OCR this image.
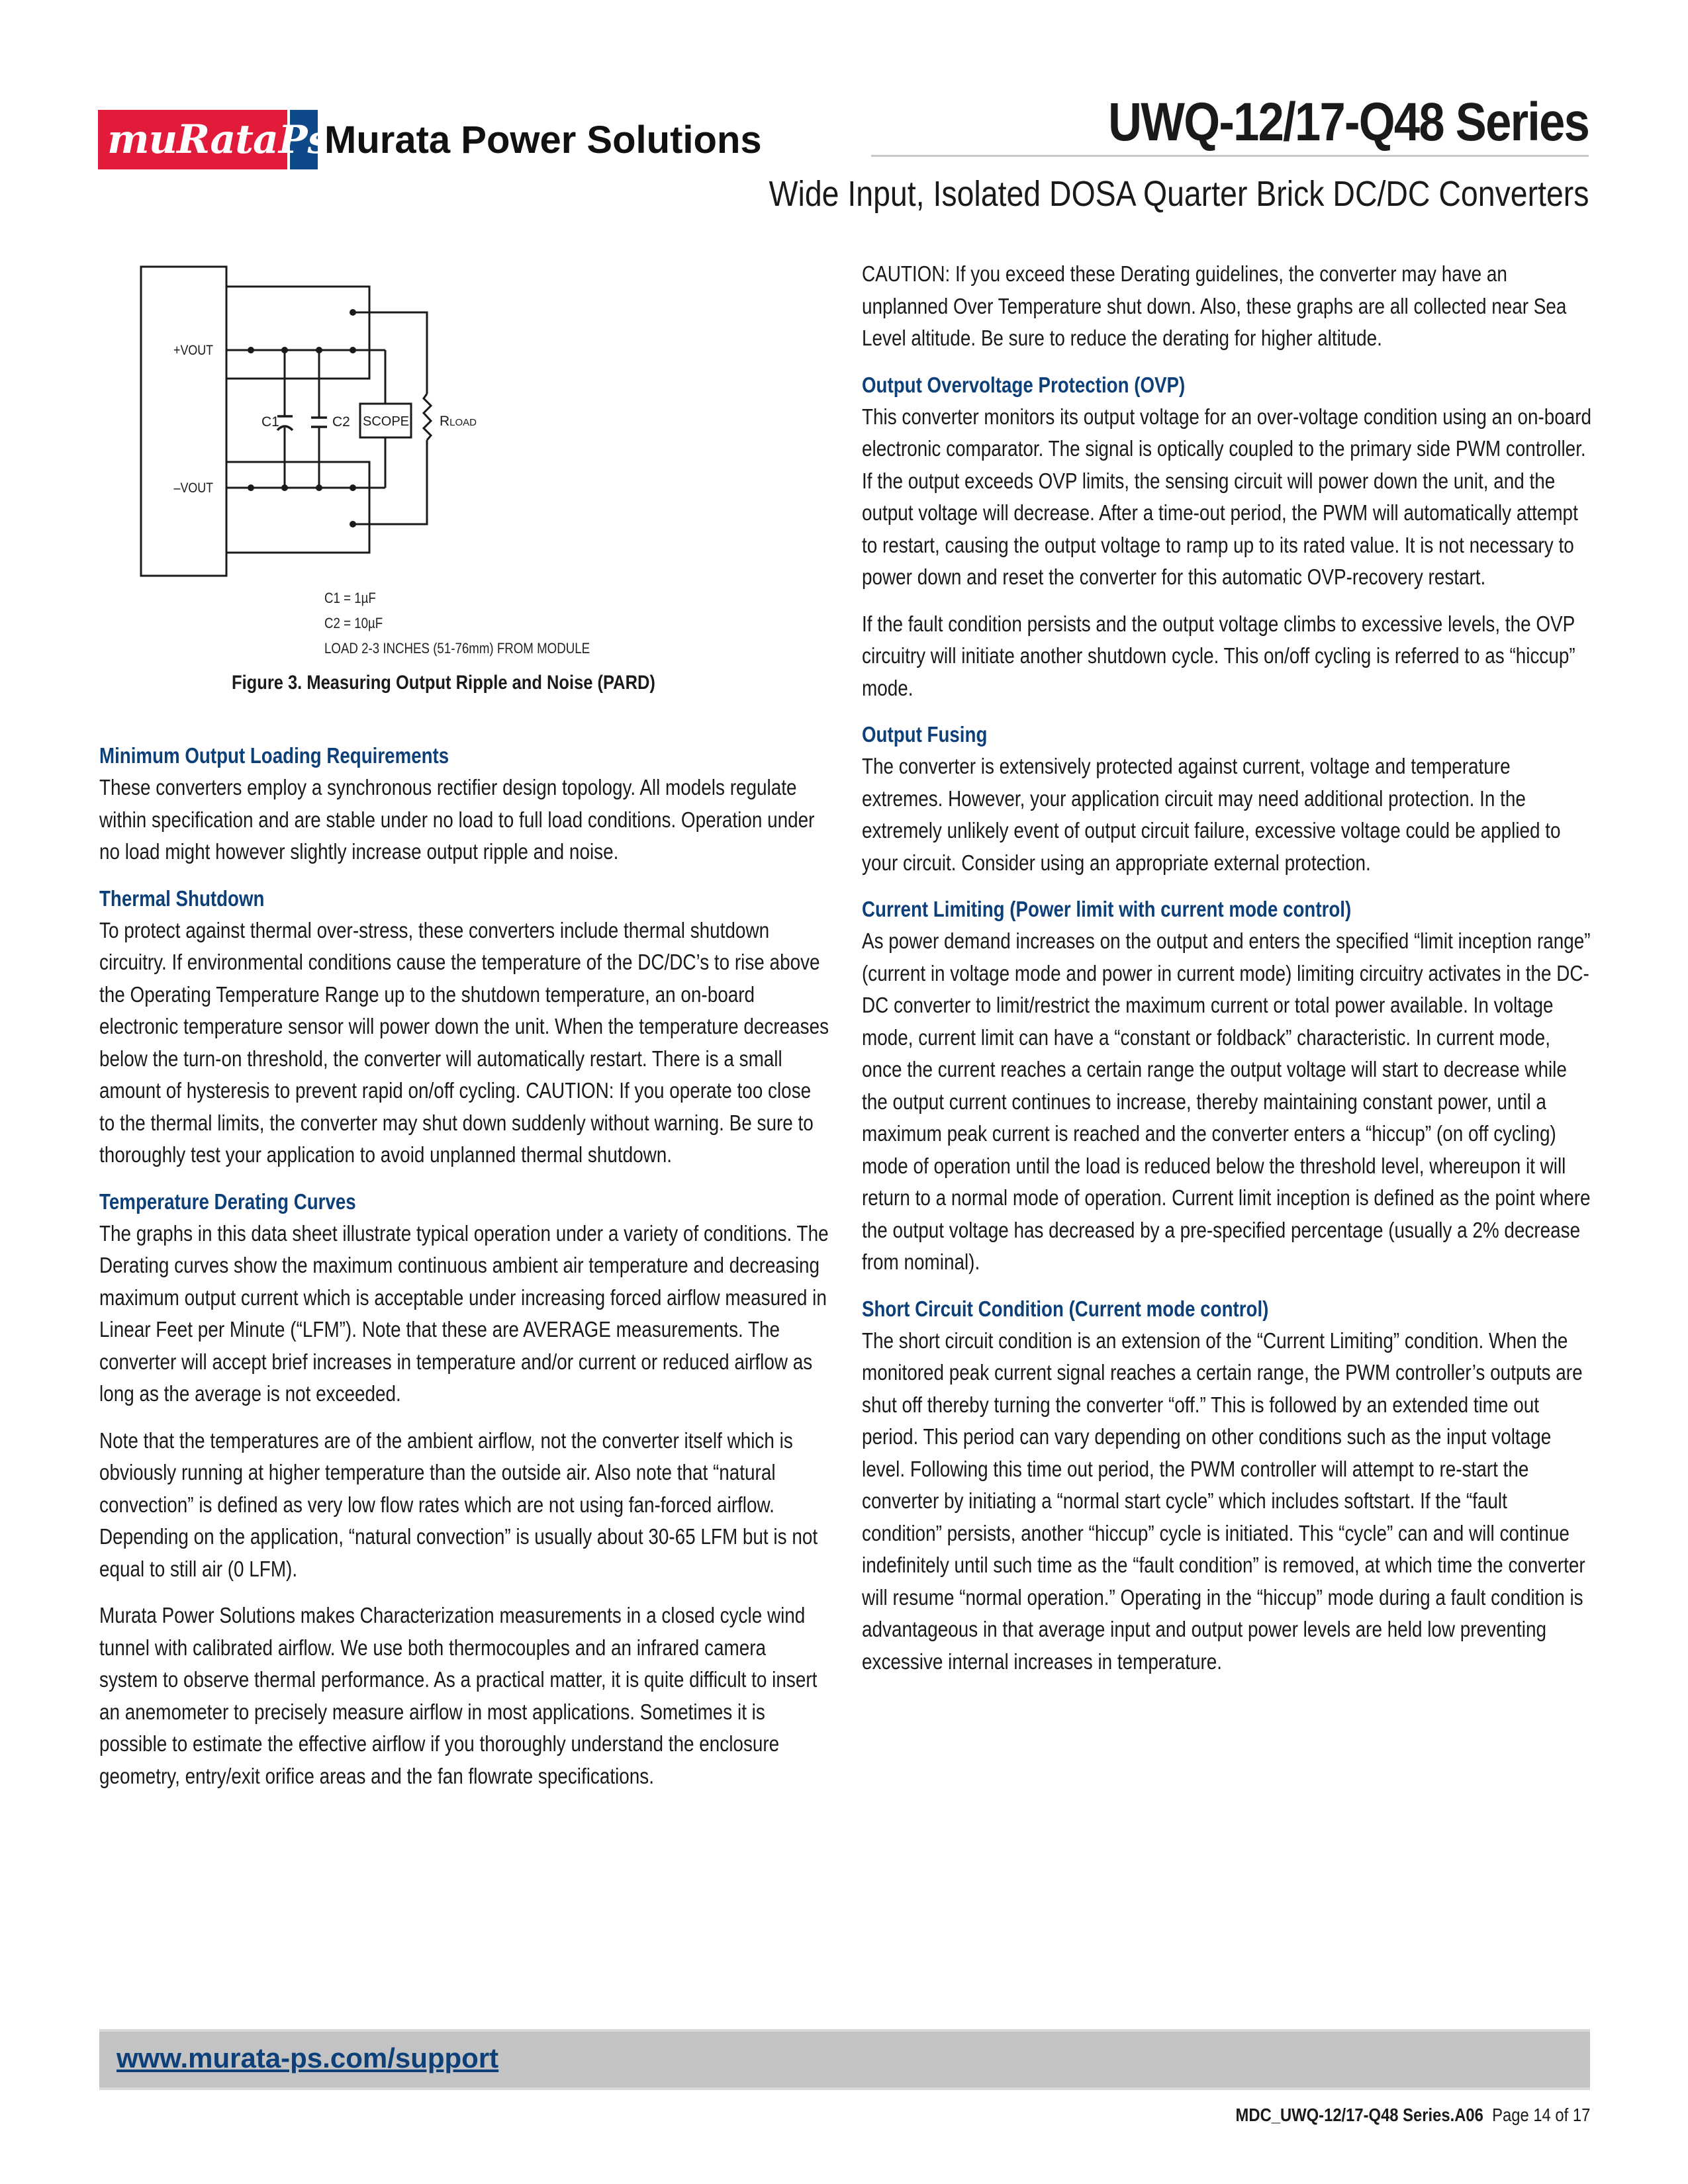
muRata Ps
Murata Power Solutions	UWQ-12/17-Q48 Series
Wide Input, Isolated DOSA Quarter Brick DC/DC Converters
+VOUT
–VOUT
C1	C2 SCOPE RLOAD
C1 = 1µF
C2 = 10µF
LOAD 2-3 INCHES (51-76mm) FROM MODULE
Figure 3. Measuring Output Ripple and Noise (PARD)
Minimum Output Loading Requirements

These converters employ a synchronous rectifier design topology. All models regulate within specification and are stable under no load to full load conditions. Operation under no load might however slightly increase output ripple and noise.

Thermal Shutdown

To protect against thermal over-stress, these converters include thermal shutdown circuitry. If environmental conditions cause the temperature of the DC/DC’s to rise above the Operating Temperature Range up to the shutdown temperature, an on-board electronic temperature sensor will power down the unit. When the temperature decreases below the turn-on threshold, the converter will automatically restart. There is a small amount of hysteresis to prevent rapid on/off cycling. CAUTION: If you operate too close to the thermal limits, the converter may shut down suddenly without warning. Be sure to thoroughly test your application to avoid unplanned thermal shutdown.

Temperature Derating Curves

The graphs in this data sheet illustrate typical operation under a variety of conditions. The Derating curves show the maximum continuous ambient air temperature and decreasing maximum output current which is acceptable under increasing forced airflow measured in Linear Feet per Minute (“LFM”). Note that these are AVERAGE measurements. The converter will accept brief increases in temperature and/or current or reduced airflow as long as the average is not exceeded.

Note that the temperatures are of the ambient airflow, not the converter itself which is obviously running at higher temperature than the outside air. Also note that “natural convection” is defined as very low flow rates which are not using fan-forced airflow. Depending on the application, “natural convection” is usually about 30-65 LFM but is not equal to still air (0 LFM).

Murata Power Solutions makes Characterization measurements in a closed cycle wind tunnel with calibrated airflow. We use both thermocouples and an infrared camera system to observe thermal performance. As a practical matter, it is quite difficult to insert an anemometer to precisely measure airflow in most applications. Sometimes it is possible to estimate the effective airflow if you thoroughly understand the enclosure geometry, entry/exit orifice areas and the fan flowrate specifications.

CAUTION: If you exceed these Derating guidelines, the converter may have an unplanned Over Temperature shut down. Also, these graphs are all collected near Sea Level altitude. Be sure to reduce the derating for higher altitude.

Output Overvoltage Protection (OVP)

This converter monitors its output voltage for an over-voltage condition using an on-board electronic comparator. The signal is optically coupled to the primary side PWM controller. If the output exceeds OVP limits, the sensing circuit will power down the unit, and the output voltage will decrease. After a time-out period, the PWM will automatically attempt to restart, causing the output voltage to ramp up to its rated value. It is not necessary to power down and reset the converter for this automatic OVP-recovery restart.

If the fault condition persists and the output voltage climbs to excessive levels, the OVP circuitry will initiate another shutdown cycle. This on/off cycling is referred to as “hiccup” mode.

Output Fusing

The converter is extensively protected against current, voltage and temperature extremes. However, your application circuit may need additional protection. In the extremely unlikely event of output circuit failure, excessive voltage could be applied to your circuit. Consider using an appropriate external protection.

Current Limiting (Power limit with current mode control)

As power demand increases on the output and enters the specified “limit inception range” (current in voltage mode and power in current mode) limiting circuitry activates in the DC-DC converter to limit/restrict the maximum current or total power available. In voltage mode, current limit can have a “constant or foldback” characteristic. In current mode, once the current reaches a certain range the output voltage will start to decrease while the output current continues to increase, thereby maintaining constant power, until a maximum peak current is reached and the converter enters a “hiccup” (on off cycling) mode of operation until the load is reduced below the threshold level, whereupon it will return to a normal mode of operation. Current limit inception is defined as the point where the output voltage has decreased by a pre-specified percentage (usually a 2% decrease from nominal).

Short Circuit Condition (Current mode control)

The short circuit condition is an extension of the “Current Limiting” condition. When the monitored peak current signal reaches a certain range, the PWM controller’s outputs are shut off thereby turning the converter “off.” This is followed by an extended time out period. This period can vary depending on other conditions such as the input voltage level. Following this time out period, the PWM controller will attempt to re-start the converter by initiating a “normal start cycle” which includes softstart. If the “fault condition” persists, another “hiccup” cycle is initiated. This “cycle” can and will continue indefinitely until such time as the “fault condition” is removed, at which time the converter will resume “normal operation.” Operating in the “hiccup” mode during a fault condition is advantageous in that average input and output power levels are held low preventing excessive internal increases in temperature.

www.murata-ps.com/support
MDC_UWQ-12/17-Q48 Series.A06 Page 14 of 17
